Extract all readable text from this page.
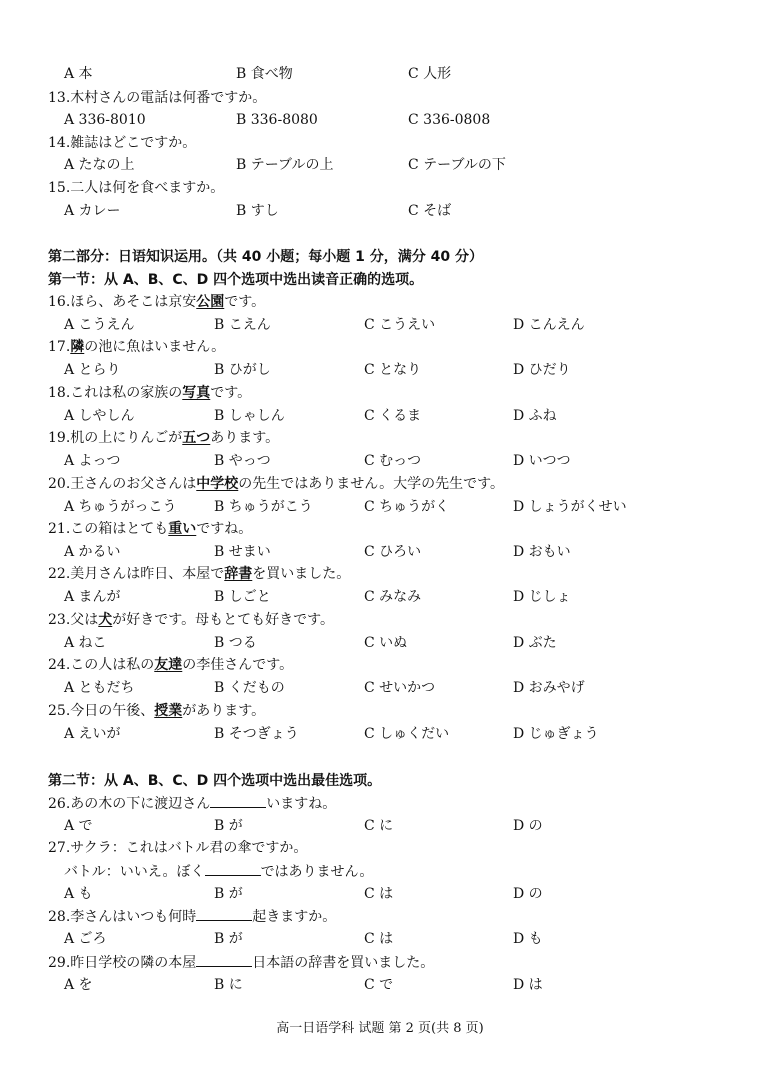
A 本	B 食べ物	C 人形
13.木村さんの電話は何番ですか。
A 336-8010	B 336-8080	C 336-0808
14.雑誌はどこですか。
A たなの上	B テーブルの上	C テーブルの下
15.二人は何を食べますか。
A カレー	B すし	C そば
第二部分：日语知识运用。（共 40 小题；每小题 1 分，满分 40 分）
第一节：从 A、B、C、D 四个选项中选出读音正确的选项。
16.ほら、あそこは京安公園です。
A こうえん	B こえん	C こうえい	D こんえん
17.隣の池に魚はいません。
A とらり	B ひがし	C となり	D ひだり
18.これは私の家族の写真です。
A しやしん	B しゃしん	C くるま	D ふね
19.机の上にりんごが五つあります。
A よっつ	B やっつ	C むっつ	D いつつ
20.王さんのお父さんは中学校の先生ではありません。大学の先生です。
A ちゅうがっこう	B ちゅうがこう	C ちゅうがく	D しょうがくせい
21.この箱はとても重いですね。
A かるい	B せまい	C ひろい	D おもい
22.美月さんは昨日、本屋で辞書を買いました。
A まんが	B しごと	C みなみ	D じしょ
23.父は犬が好きです。母もとても好きです。
A ねこ	B つる	C いぬ	D ぶた
24.この人は私の友達の李佳さんです。
A ともだち	B くだもの	C せいかつ	D おみやげ
25.今日の午後、授業があります。
A えいが	B そつぎょう	C しゅくだい	D じゅぎょう
第二节：从 A、B、C、D 四个选项中选出最佳选项。
26.あの木の下に渡辺さん	いますね。
A で	B が	C に	D の
27.サクラ：これはバトル君の傘ですか。
バトル：いいえ。ぼく	ではありません。
A も	B が	C は	D の
28.李さんはいつも何時	起きますか。
A ごろ	B が	C は	D も
29.昨日学校の隣の本屋	日本語の辞書を買いました。
A を	B に	C で	D は
高一日语学科 试题 第 2 页(共 8 页)
